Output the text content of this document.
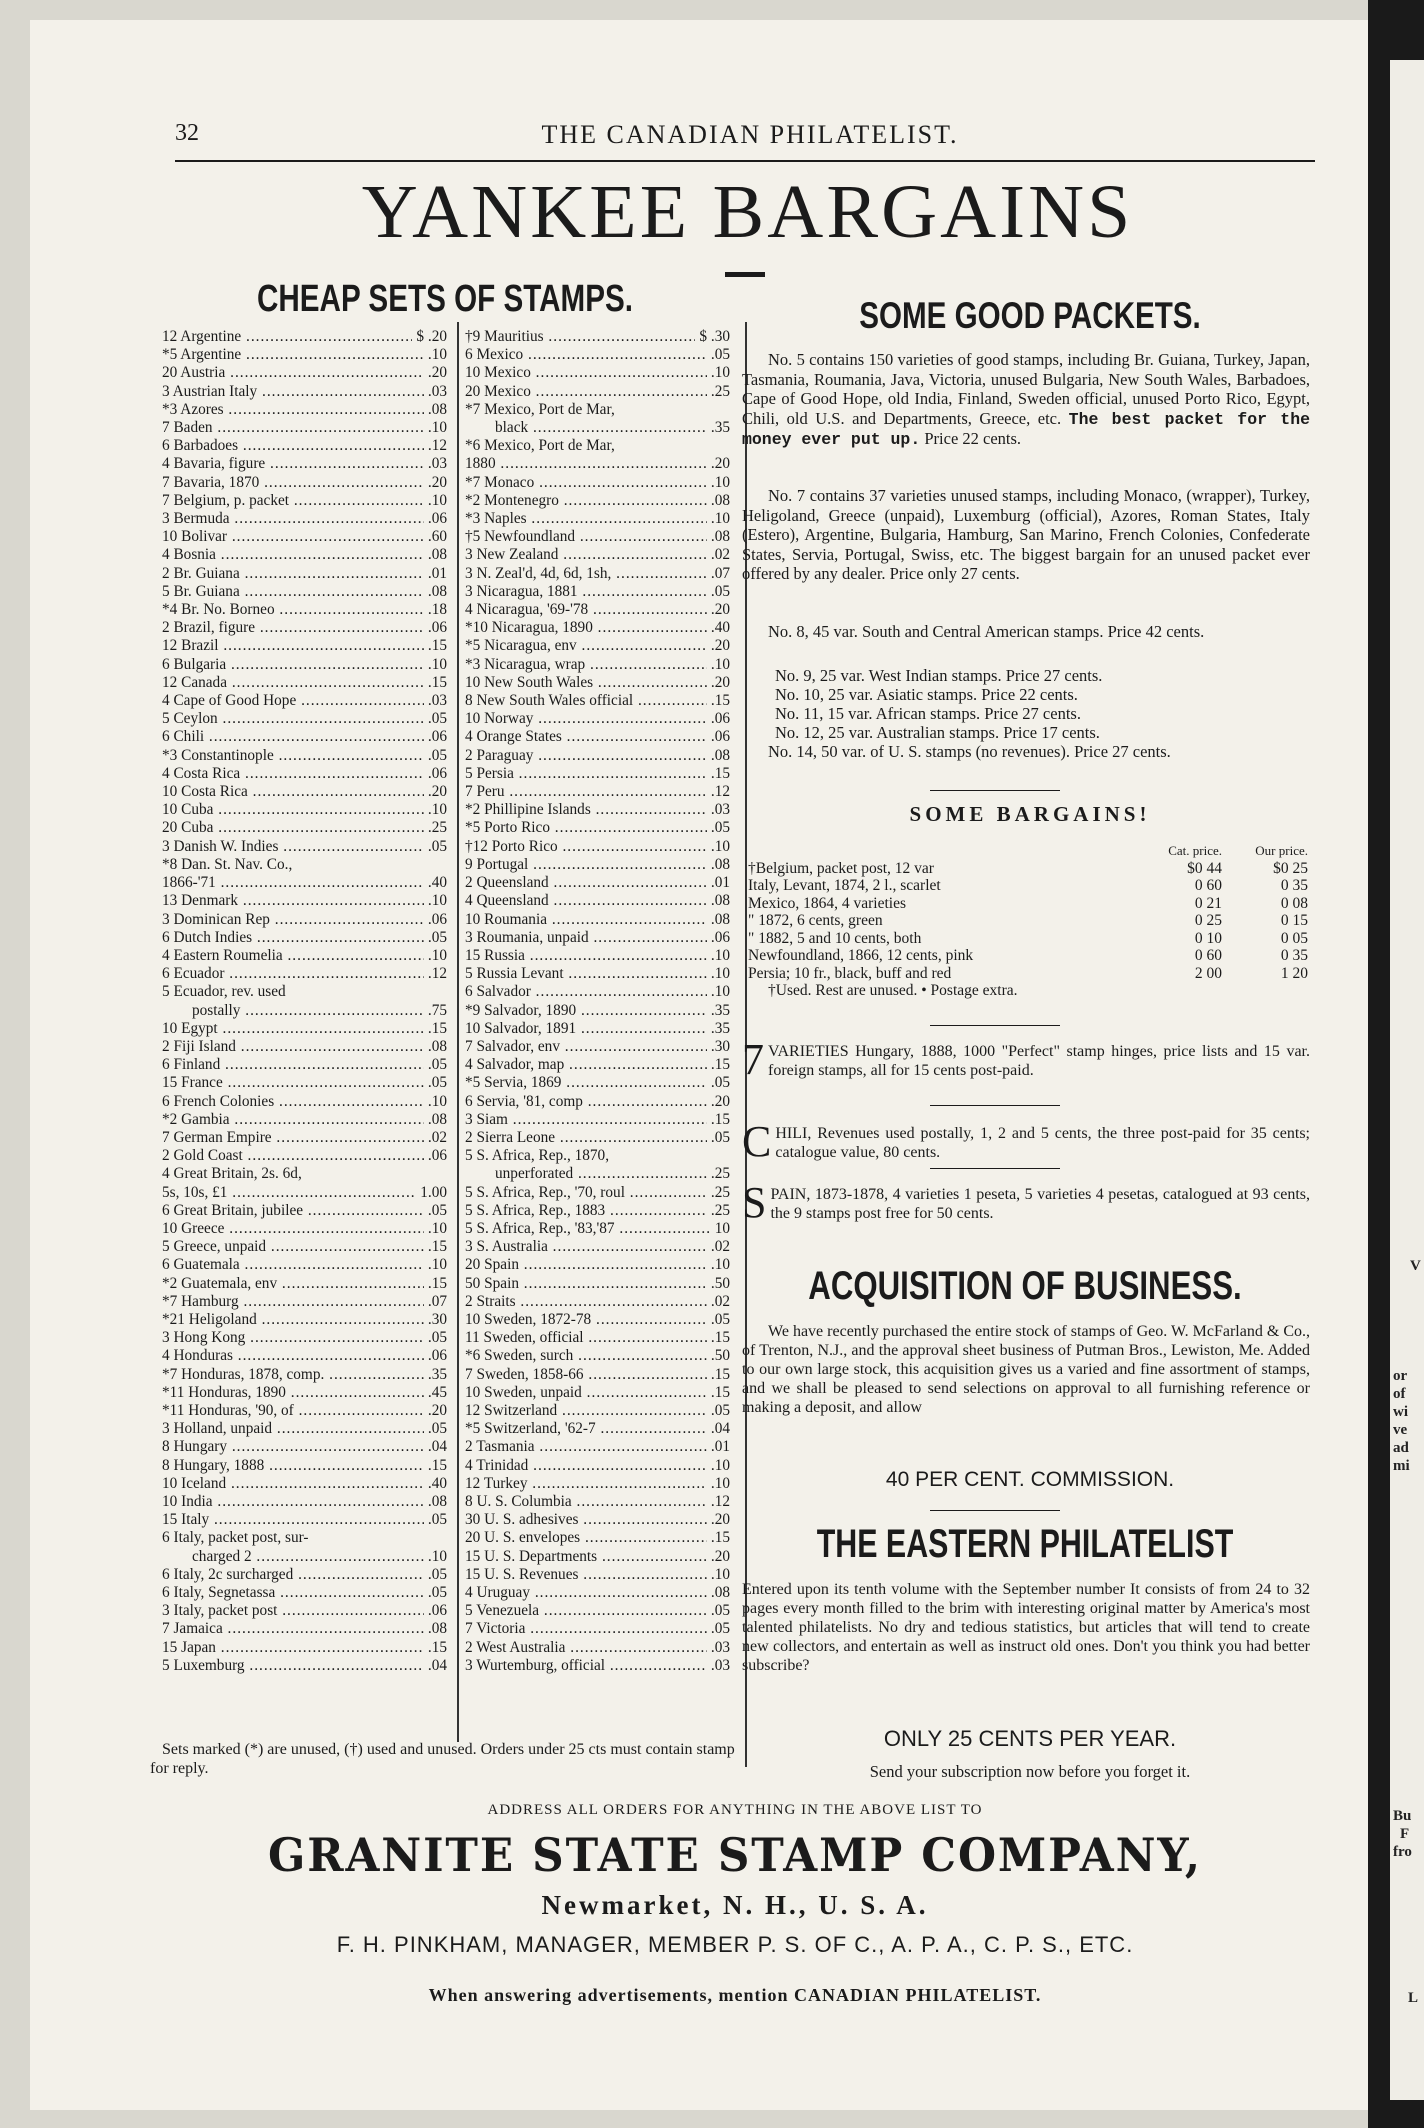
or
of
wi
ve
ad
mi
Bu
F
fro
L
V
32	THE CANADIAN PHILATELIST.
YANKEE BARGAINS
CHEAP SETS OF STAMPS.
12 Argentine .....	$ .20
*5 Argentine .....	.10
20 Austria .....	.20
3 Austrian Italy .....	.03
*3 Azores .....	.08
7 Baden .....	.10
6 Barbadoes .....	.12
4 Bavaria, figure .....	.03
7 Bavaria, 1870 .....	.20
7 Belgium, p. packet .....	.10
3 Bermuda .....	.06
10 Bolivar .....	.60
4 Bosnia .....	.08
2 Br. Guiana .....	.01
5 Br. Guiana .....	.08
*4 Br. No. Borneo .....	.18
2 Brazil, figure .....	.06
12 Brazil .....	.15
6 Bulgaria .....	.10
12 Canada .....	.15
4 Cape of Good Hope .....	.03
5 Ceylon .....	.05
6 Chili .....	.06
*3 Constantinople .....	.05
4 Costa Rica .....	.06
10 Costa Rica .....	.20
10 Cuba .....	.10
20 Cuba .....	.25
3 Danish W. Indies .....	.05
*8 Dan. St. Nav. Co.,
1866-'71 .....	.40
13 Denmark .....	.10
3 Dominican Rep .....	.06
6 Dutch Indies .....	.05
4 Eastern Roumelia .....	.10
6 Ecuador .....	.12
5 Ecuador, rev. used
postally .....	.75
10 Egypt .....	.15
2 Fiji Island .....	.08
6 Finland .....	.05
15 France .....	.05
6 French Colonies .....	.10
*2 Gambia .....	.08
7 German Empire .....	.02
2 Gold Coast .....	.06
4 Great Britain, 2s. 6d,
5s, 10s, £1 .....	1.00
6 Great Britain, jubilee .....	.05
10 Greece .....	.10
5 Greece, unpaid .....	.15
6 Guatemala .....	.10
*2 Guatemala, env .....	.15
*7 Hamburg .....	.07
*21 Heligoland .....	.30
3 Hong Kong .....	.05
4 Honduras .....	.06
*7 Honduras, 1878, comp. .....	.35
*11 Honduras, 1890 .....	.45
*11 Honduras, '90, of .....	.20
3 Holland, unpaid .....	.05
8 Hungary .....	.04
8 Hungary, 1888 .....	.15
10 Iceland .....	.40
10 India .....	.08
15 Italy .....	.05
6 Italy, packet post, sur-
charged 2 .....	.10
6 Italy, 2c surcharged .....	.05
6 Italy, Segnetassa .....	.05
3 Italy, packet post .....	.06
7 Jamaica .....	.08
15 Japan .....	.15
5 Luxemburg .....	.04
†9 Mauritius .....	$ .30
6 Mexico .....	.05
10 Mexico .....	.10
20 Mexico .....	.25
*7 Mexico, Port de Mar,
black .....	.35
*6 Mexico, Port de Mar,
1880 .....	.20
*7 Monaco .....	.10
*2 Montenegro .....	.08
*3 Naples .....	.10
†5 Newfoundland .....	.08
3 New Zealand .....	.02
3 N. Zeal'd, 4d, 6d, 1sh, .....	.07
3 Nicaragua, 1881 .....	.05
4 Nicaragua, '69-'78 .....	.20
*10 Nicaragua, 1890 .....	.40
*5 Nicaragua, env .....	.20
*3 Nicaragua, wrap .....	.10
10 New South Wales .....	.20
8 New South Wales official .....	.15
10 Norway .....	.06
4 Orange States .....	.06
2 Paraguay .....	.08
5 Persia .....	.15
7 Peru .....	.12
*2 Phillipine Islands .....	.03
*5 Porto Rico .....	.05
†12 Porto Rico .....	.10
9 Portugal .....	.08
2 Queensland .....	.01
4 Queensland .....	.08
10 Roumania .....	.08
3 Roumania, unpaid .....	.06
15 Russia .....	.10
5 Russia Levant .....	.10
6 Salvador .....	.10
*9 Salvador, 1890 .....	.35
10 Salvador, 1891 .....	.35
7 Salvador, env .....	.30
4 Salvador, map .....	.15
*5 Servia, 1869 .....	.05
6 Servia, '81, comp .....	.20
3 Siam .....	.15
2 Sierra Leone .....	.05
5 S. Africa, Rep., 1870,
unperforated .....	.25
5 S. Africa, Rep., '70, roul .....	.25
5 S. Africa, Rep., 1883 .....	.25
5 S. Africa, Rep., '83,'87 .....	10
3 S. Australia .....	.02
20 Spain .....	.10
50 Spain .....	.50
2 Straits .....	.02
10 Sweden, 1872-78 .....	.05
11 Sweden, official .....	.15
*6 Sweden, surch .....	.50
7 Sweden, 1858-66 .....	.15
10 Sweden, unpaid .....	.15
12 Switzerland .....	.05
*5 Switzerland, '62-7 .....	.04
2 Tasmania .....	.01
4 Trinidad .....	.10
12 Turkey .....	.10
8 U. S. Columbia .....	.12
30 U. S. adhesives .....	.20
20 U. S. envelopes .....	.15
15 U. S. Departments .....	.20
15 U. S. Revenues .....	.10
4 Uruguay .....	.08
5 Venezuela .....	.05
7 Victoria .....	.05
2 West Australia .....	.03
3 Wurtemburg, official .....	.03
Sets marked (*) are unused, (†) used and unused. Orders under 25 cts must contain stamp for reply.
SOME GOOD PACKETS.

No. 5 contains 150 varieties of good stamps, including Br. Guiana, Turkey, Japan, Tasmania, Roumania, Java, Victoria, unused Bulgaria, New South Wales, Barbadoes, Cape of Good Hope, old India, Finland, Sweden official, unused Porto Rico, Egypt, Chili, old U.S. and Departments, Greece, etc. The best packet for the money ever put up. Price 22 cents.

No. 7 contains 37 varieties unused stamps, including Monaco, (wrapper), Turkey, Heligoland, Greece (unpaid), Luxemburg (official), Azores, Roman States, Italy (Estero), Argentine, Bulgaria, Hamburg, San Marino, French Colonies, Confederate States, Servia, Portugal, Swiss, etc. The biggest bargain for an unused packet ever offered by any dealer. Price only 27 cents.

No. 8, 45 var. South and Central American stamps. Price 42 cents.

No. 9, 25 var. West Indian stamps. Price 27 cents.
No. 10, 25 var. Asiatic stamps. Price 22 cents.
No. 11, 15 var. African stamps. Price 27 cents.
No. 12, 25 var. Australian stamps. Price 17 cents.

No. 14, 50 var. of U. S. stamps (no revenues). Price 27 cents.

SOME BARGAINS!
	Cat. price.	Our price.
†Belgium, packet post, 12 var	$0 44	$0 25
Italy, Levant, 1874, 2 l., scarlet	0 60	0 35
Mexico, 1864, 4 varieties	0 21	0 08
" 1872, 6 cents, green	0 25	0 15
" 1882, 5 and 10 cents, both	0 10	0 05
Newfoundland, 1866, 12 cents, pink	0 60	0 35
Persia; 10 fr., black, buff and red	2 00	1 20
†Used. Rest are unused. • Postage extra.
7 VARIETIES Hungary, 1888, 1000 "Perfect" stamp hinges, price lists and 15 var. foreign stamps, all for 15 cents post-paid.
C HILI, Revenues used postally, 1, 2 and 5 cents, the three post-paid for 35 cents; catalogue value, 80 cents.
S PAIN, 1873-1878, 4 varieties 1 peseta, 5 varieties 4 pesetas, catalogued at 93 cents, the 9 stamps post free for 50 cents.
ACQUISITION OF BUSINESS.

We have recently purchased the entire stock of stamps of Geo. W. McFarland & Co., of Trenton, N.J., and the approval sheet business of Putman Bros., Lewiston, Me. Added to our own large stock, this acquisition gives us a varied and fine assortment of stamps, and we shall be pleased to send selections on approval to all furnishing reference or making a deposit, and allow

40 PER CENT. COMMISSION.
THE EASTERN PHILATELIST
Entered upon its tenth volume with the September number It consists of from 24 to 32 pages every month filled to the brim with interesting original matter by America's most talented philatelists. No dry and tedious statistics, but articles that will tend to create new collectors, and entertain as well as instruct old ones. Don't you think you had better subscribe?
ONLY 25 CENTS PER YEAR.
Send your subscription now before you forget it.
ADDRESS ALL ORDERS FOR ANYTHING IN THE ABOVE LIST TO
GRANITE STATE STAMP COMPANY,
Newmarket, N. H., U. S. A.
F. H. PINKHAM, MANAGER, MEMBER P. S. OF C., A. P. A., C. P. S., ETC.
When answering advertisements, mention CANADIAN PHILATELIST.
